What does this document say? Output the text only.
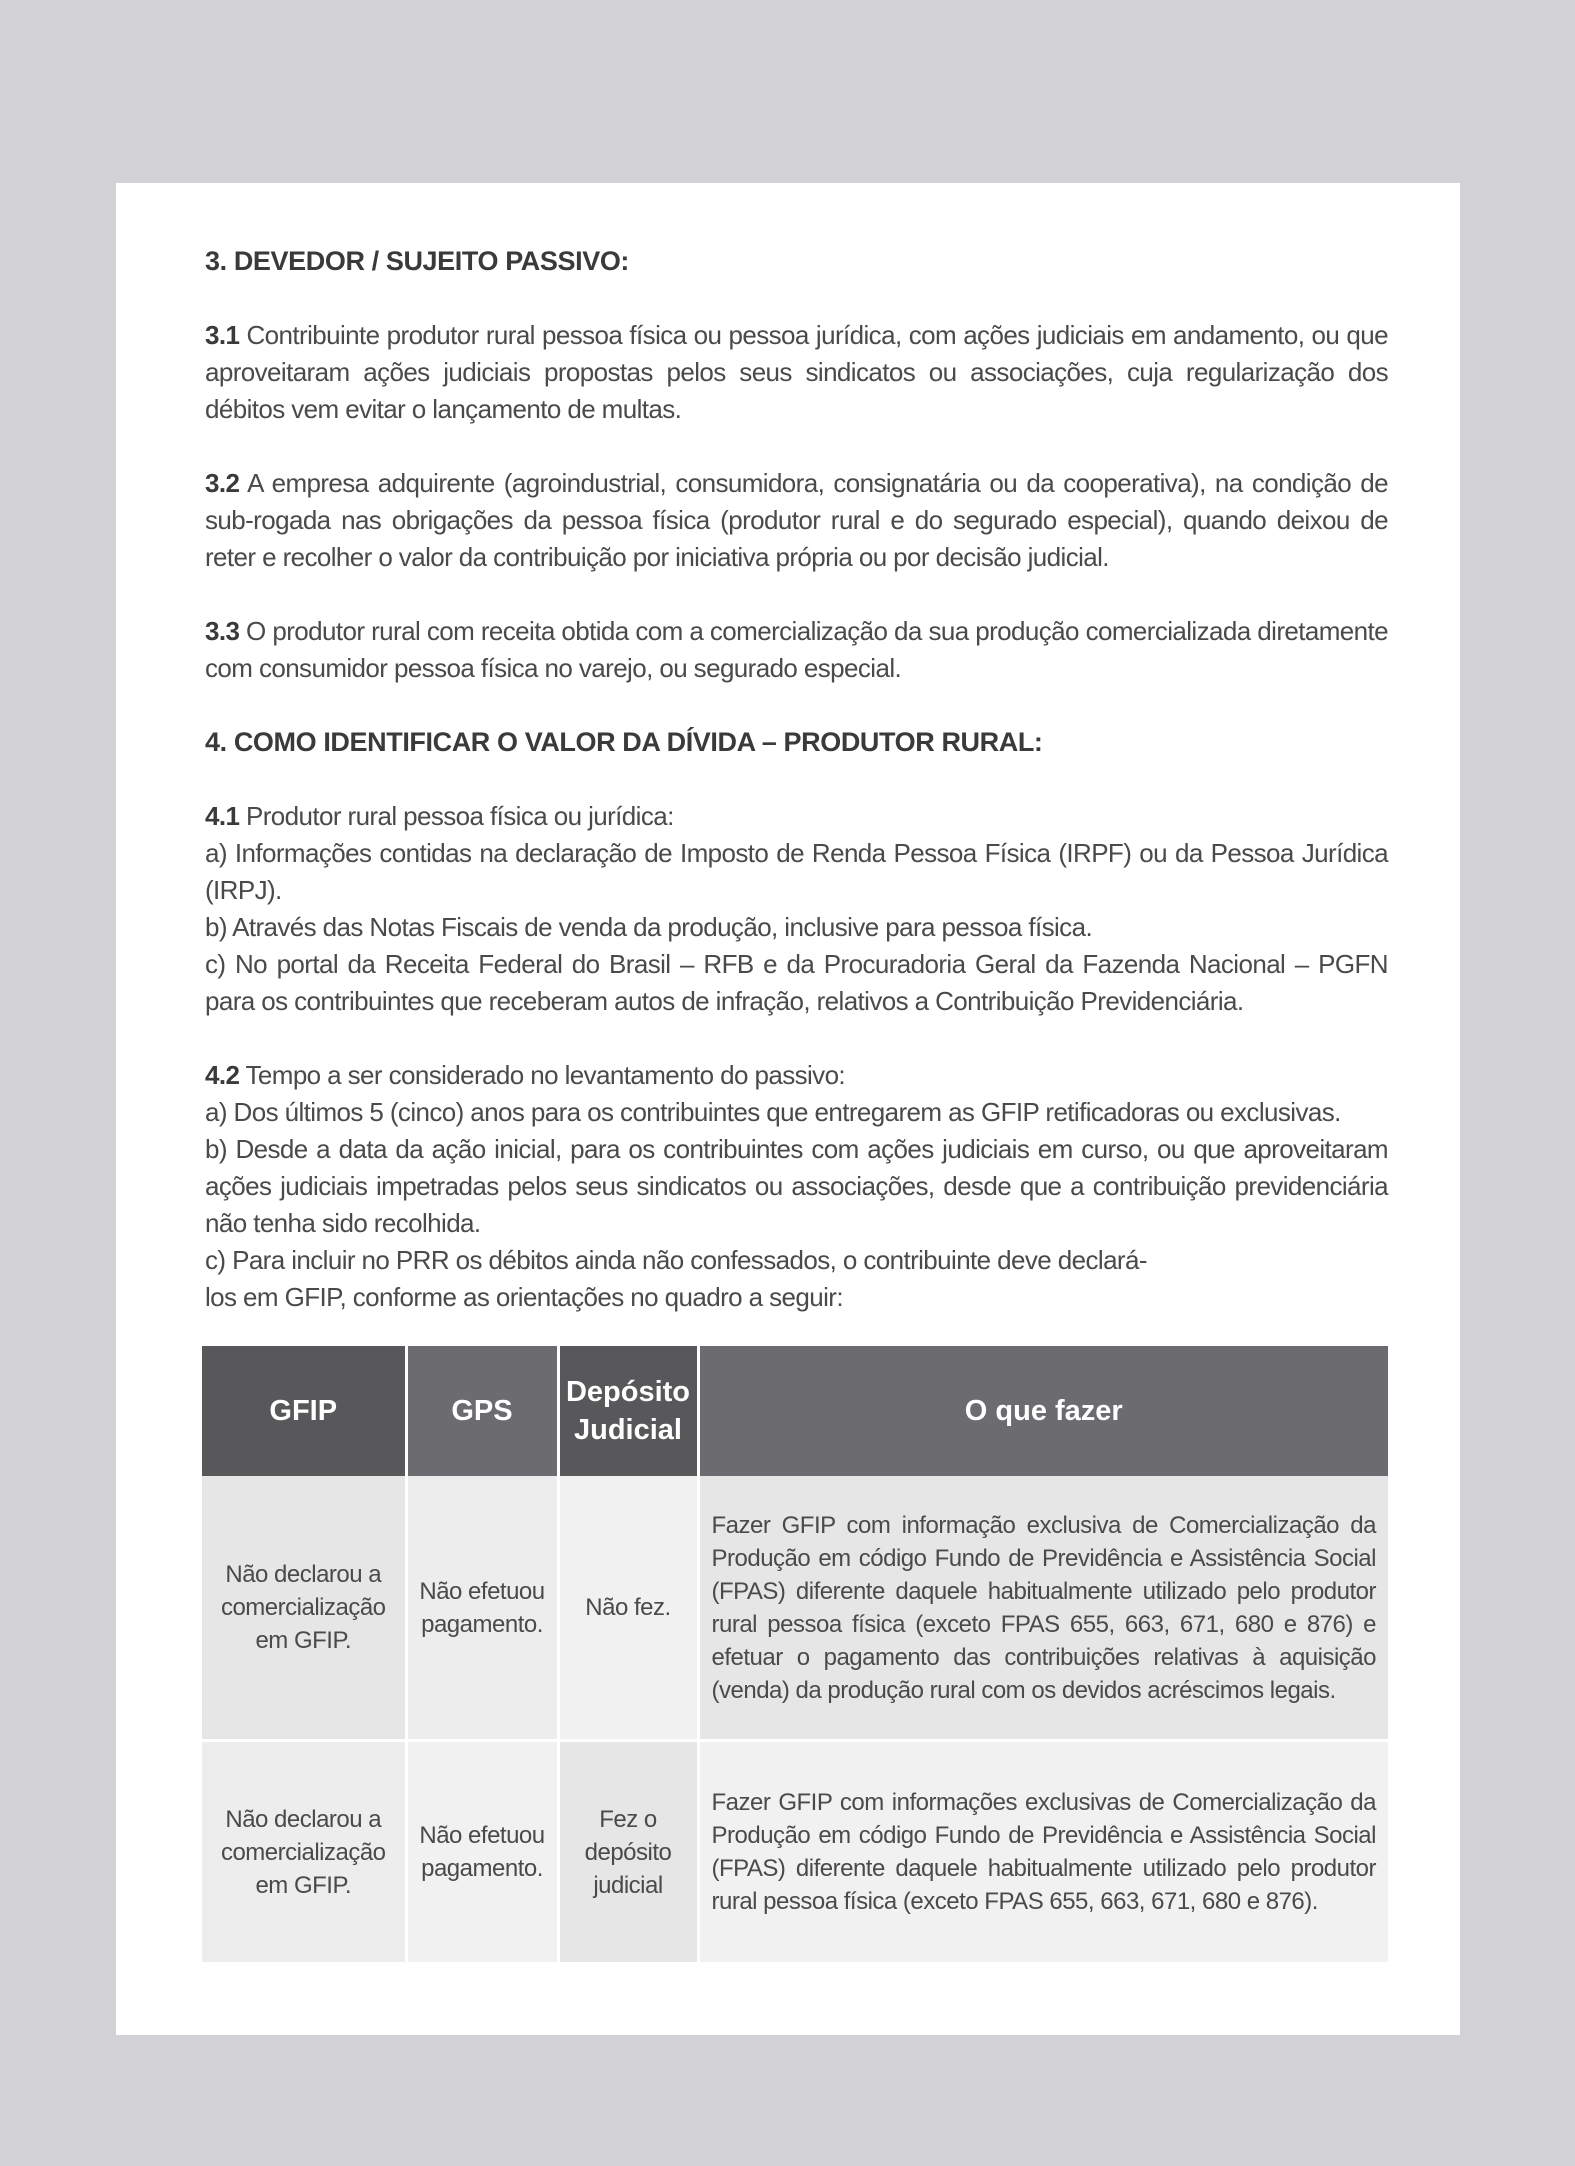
3. DEVEDOR / SUJEITO PASSIVO:

3.1 Contribuinte produtor rural pessoa física ou pessoa jurídica, com ações judiciais em andamento, ou que aproveitaram ações judiciais propostas pelos seus sindicatos ou associações, cuja regularização dos débitos vem evitar o lançamento de multas.

3.2 A empresa adquirente (agroindustrial, consumidora, consignatária ou da cooperativa), na condição de sub-rogada nas obrigações da pessoa física (produtor rural e do segurado especial), quando deixou de reter e recolher o valor da contribuição por iniciativa própria ou por decisão judicial.

3.3 O produtor rural com receita obtida com a comercialização da sua produção comercializada diretamente com consumidor pessoa física no varejo, ou segurado especial.

4. COMO IDENTIFICAR O VALOR DA DÍVIDA – PRODUTOR RURAL:

4.1 Produtor rural pessoa física ou jurídica:

a) Informações contidas na declaração de Imposto de Renda Pessoa Física (IRPF) ou da Pessoa Jurídica (IRPJ).

b) Através das Notas Fiscais de venda da produção, inclusive para pessoa física.

c) No portal da Receita Federal do Brasil – RFB e da Procuradoria Geral da Fazenda Nacional – PGFN para os contribuintes que receberam autos de infração, relativos a Contribuição Previdenciária.

4.2 Tempo a ser considerado no levantamento do passivo:

a) Dos últimos 5 (cinco) anos para os contribuintes que entregarem as GFIP retificadoras ou exclusivas.

b) Desde a data da ação inicial, para os contribuintes com ações judiciais em curso, ou que aproveitaram ações judiciais impetradas pelos seus sindicatos ou associações, desde que a contribuição previdenciária não tenha sido recolhida.

c) Para incluir no PRR os débitos ainda não confessados, o contribuinte deve declará-

los em GFIP, conforme as orientações no quadro a seguir:

GFIP	GPS	Depósito Judicial	O que fazer
Não declarou a comercialização em GFIP.	Não efetuou pagamento.	Não fez.	Fazer GFIP com informação exclusiva de Comercialização da Produção em código Fundo de Previdência e Assistência Social (FPAS) diferente daquele habitualmente utilizado pelo produtor rural pessoa física (exceto FPAS 655, 663, 671, 680 e 876) e efetuar o pagamento das contribuições relativas à aquisição (venda) da produção rural com os devidos acréscimos legais.
Não declarou a comercialização em GFIP.	Não efetuou pagamento.	Fez o depósito judicial	Fazer GFIP com informações exclusivas de Comercialização da Produção em código Fundo de Previdência e Assistência Social (FPAS) diferente daquele habitualmente utilizado pelo produtor rural pessoa física (exceto FPAS 655, 663, 671, 680 e 876).
